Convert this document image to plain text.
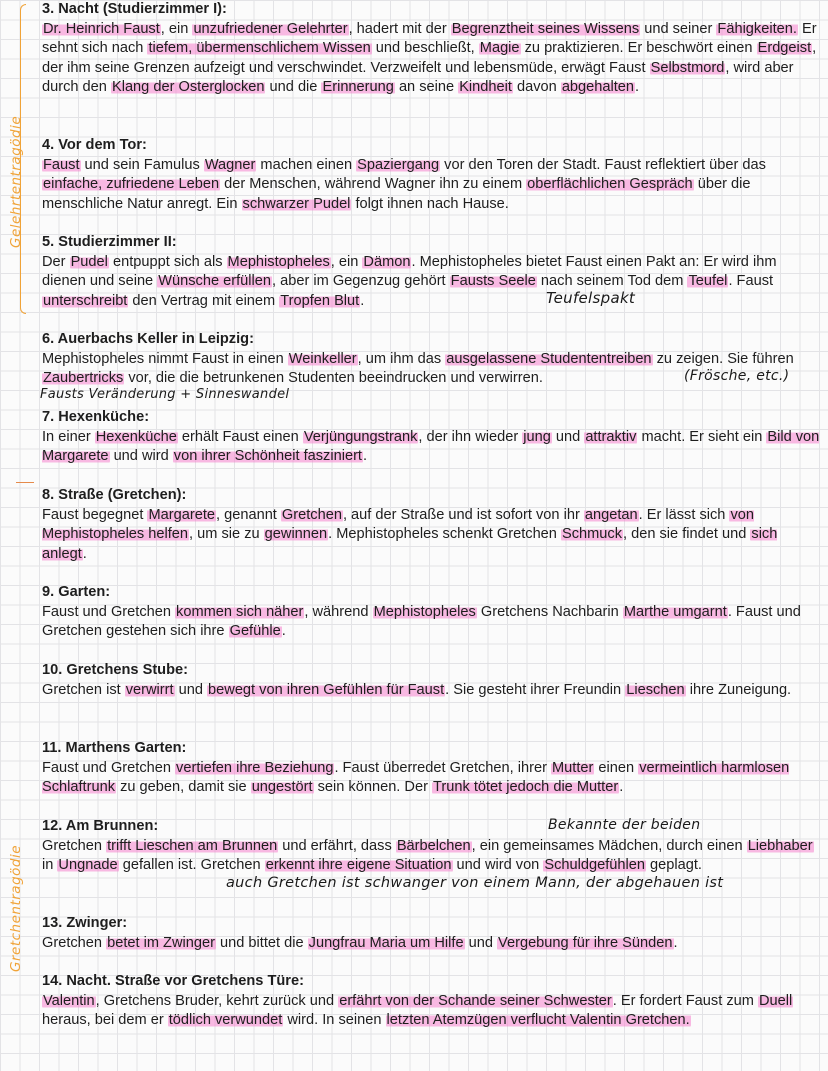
Gelehrtentragödie
Gretchentragödie
3. Nacht (Studierzimmer I):
Dr. Heinrich Faust, ein unzufriedener Gelehrter, hadert mit der Begrenztheit seines Wissens und seiner Fähigkeiten. Er sehnt sich nach tiefem, übermenschlichem Wissen und beschließt, Magie zu praktizieren. Er beschwört einen Erdgeist, der ihm seine Grenzen aufzeigt und verschwindet. Verzweifelt und lebensmüde, erwägt Faust Selbstmord, wird aber durch den Klang der Osterglocken und die Erinnerung an seine Kindheit davon abgehalten.
4. Vor dem Tor:
Faust und sein Famulus Wagner machen einen Spaziergang vor den Toren der Stadt. Faust reflektiert über das einfache, zufriedene Leben der Menschen, während Wagner ihn zu einem oberflächlichen Gespräch über die menschliche Natur anregt. Ein schwarzer Pudel folgt ihnen nach Hause.
5. Studierzimmer II:
Der Pudel entpuppt sich als Mephistopheles, ein Dämon. Mephistopheles bietet Faust einen Pakt an: Er wird ihm dienen und seine Wünsche erfüllen, aber im Gegenzug gehört Fausts Seele nach seinem Tod dem Teufel. Faust unterschreibt den Vertrag mit einem Tropfen Blut.
6. Auerbachs Keller in Leipzig:
Mephistopheles nimmt Faust in einen Weinkeller, um ihm das ausgelassene Studententreiben zu zeigen. Sie führen Zaubertricks vor, die die betrunkenen Studenten beeindrucken und verwirren.
7. Hexenküche:
In einer Hexenküche erhält Faust einen Verjüngungstrank, der ihn wieder jung und attraktiv macht. Er sieht ein Bild von Margarete und wird von ihrer Schönheit fasziniert.
8. Straße (Gretchen):
Faust begegnet Margarete, genannt Gretchen, auf der Straße und ist sofort von ihr angetan. Er lässt sich von Mephistopheles helfen, um sie zu gewinnen. Mephistopheles schenkt Gretchen Schmuck, den sie findet und sich anlegt.
9. Garten:
Faust und Gretchen kommen sich näher, während Mephistopheles Gretchens Nachbarin Marthe umgarnt. Faust und Gretchen gestehen sich ihre Gefühle.
10. Gretchens Stube:
Gretchen ist verwirrt und bewegt von ihren Gefühlen für Faust. Sie gesteht ihrer Freundin Lieschen ihre Zuneigung.
11. Marthens Garten:
Faust und Gretchen vertiefen ihre Beziehung. Faust überredet Gretchen, ihrer Mutter einen vermeintlich harmlosen Schlaftrunk zu geben, damit sie ungestört sein können. Der Trunk tötet jedoch die Mutter.
12. Am Brunnen:
Gretchen trifft Lieschen am Brunnen und erfährt, dass Bärbelchen, ein gemeinsames Mädchen, durch einen Liebhaber in Ungnade gefallen ist. Gretchen erkennt ihre eigene Situation und wird von Schuldgefühlen geplagt.
13. Zwinger:
Gretchen betet im Zwinger und bittet die Jungfrau Maria um Hilfe und Vergebung für ihre Sünden.
14. Nacht. Straße vor Gretchens Türe:
Valentin, Gretchens Bruder, kehrt zurück und erfährt von der Schande seiner Schwester. Er fordert Faust zum Duell heraus, bei dem er tödlich verwundet wird. In seinen letzten Atemzügen verflucht Valentin Gretchen.
Teufelspakt
(Frösche, etc.)
Fausts Veränderung + Sinneswandel
Bekannte der beiden
auch Gretchen ist schwanger von einem Mann, der abgehauen ist
